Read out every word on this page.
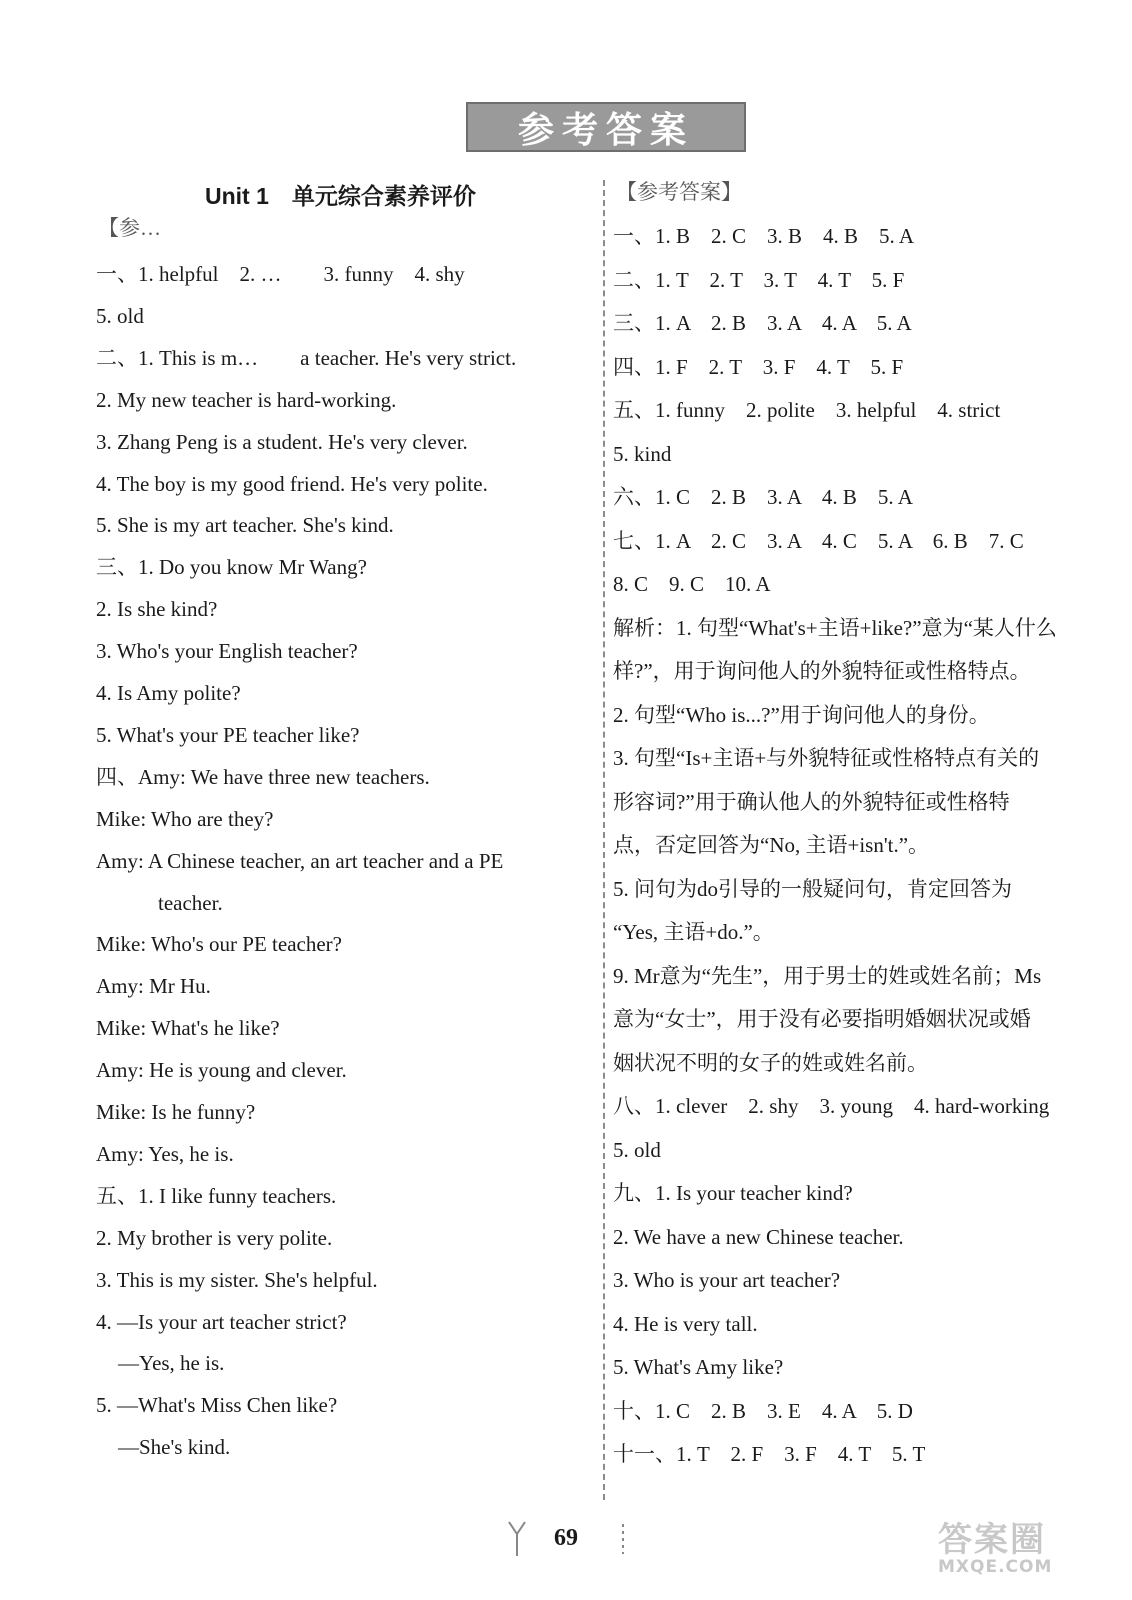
参考答案
Unit 1　单元综合素养评价
【参…
一、1. helpful　2. …　　3. funny　4. shy
5. old
二、1. This is m…　　a teacher. He's very strict.
2. My new teacher is hard-working.
3. Zhang Peng is a student. He's very clever.
4. The boy is my good friend. He's very polite.
5. She is my art teacher. She's kind.
三、1. Do you know Mr Wang?
2. Is she kind?
3. Who's your English teacher?
4. Is Amy polite?
5. What's your PE teacher like?
四、Amy: We have three new teachers.
Mike: Who are they?
Amy: A Chinese teacher, an art teacher and a PE
teacher.
Mike: Who's our PE teacher?
Amy: Mr Hu.
Mike: What's he like?
Amy: He is young and clever.
Mike: Is he funny?
Amy: Yes, he is.
五、1. I like funny teachers.
2. My brother is very polite.
3. This is my sister. She's helpful.
4. —Is your art teacher strict?
—Yes, he is.
5. —What's Miss Chen like?
—She's kind.
【参考答案】
一、1. B　2. C　3. B　4. B　5. A
二、1. T　2. T　3. T　4. T　5. F
三、1. A　2. B　3. A　4. A　5. A
四、1. F　2. T　3. F　4. T　5. F
五、1. funny　2. polite　3. helpful　4. strict
5. kind
六、1. C　2. B　3. A　4. B　5. A
七、1. A　2. C　3. A　4. C　5. A　6. B　7. C
8. C　9. C　10. A
解析：1. 句型“What's+主语+like?”意为“某人什么
样?”，用于询问他人的外貌特征或性格特点。
2. 句型“Who is...?”用于询问他人的身份。
3. 句型“Is+主语+与外貌特征或性格特点有关的
形容词?”用于确认他人的外貌特征或性格特
点，否定回答为“No, 主语+isn't.”。
5. 问句为do引导的一般疑问句，肯定回答为
“Yes, 主语+do.”。
9. Mr意为“先生”，用于男士的姓或姓名前；Ms
意为“女士”，用于没有必要指明婚姻状况或婚
姻状况不明的女子的姓或姓名前。
八、1. clever　2. shy　3. young　4. hard-working
5. old
九、1. Is your teacher kind?
2. We have a new Chinese teacher.
3. Who is your art teacher?
4. He is very tall.
5. What's Amy like?
十、1. C　2. B　3. E　4. A　5. D
十一、1. T　2. F　3. F　4. T　5. T
69	答案圈
MXQE.COM
